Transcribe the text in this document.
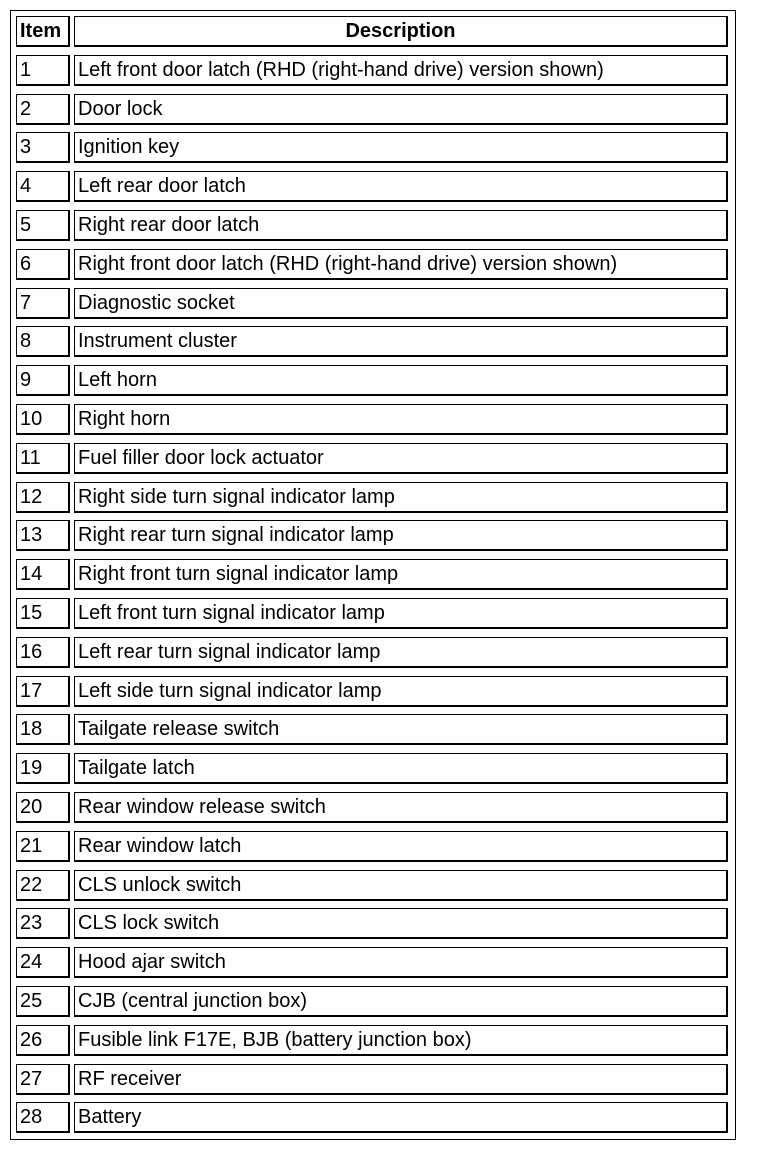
Item	Description
1	Left front door latch (RHD (right-hand drive) version shown)
2	Door lock
3	Ignition key
4	Left rear door latch
5	Right rear door latch
6	Right front door latch (RHD (right-hand drive) version shown)
7	Diagnostic socket
8	Instrument cluster
9	Left horn
10	Right horn
11	Fuel filler door lock actuator
12	Right side turn signal indicator lamp
13	Right rear turn signal indicator lamp
14	Right front turn signal indicator lamp
15	Left front turn signal indicator lamp
16	Left rear turn signal indicator lamp
17	Left side turn signal indicator lamp
18	Tailgate release switch
19	Tailgate latch
20	Rear window release switch
21	Rear window latch
22	CLS unlock switch
23	CLS lock switch
24	Hood ajar switch
25	CJB (central junction box)
26	Fusible link F17E, BJB (battery junction box)
27	RF receiver
28	Battery
